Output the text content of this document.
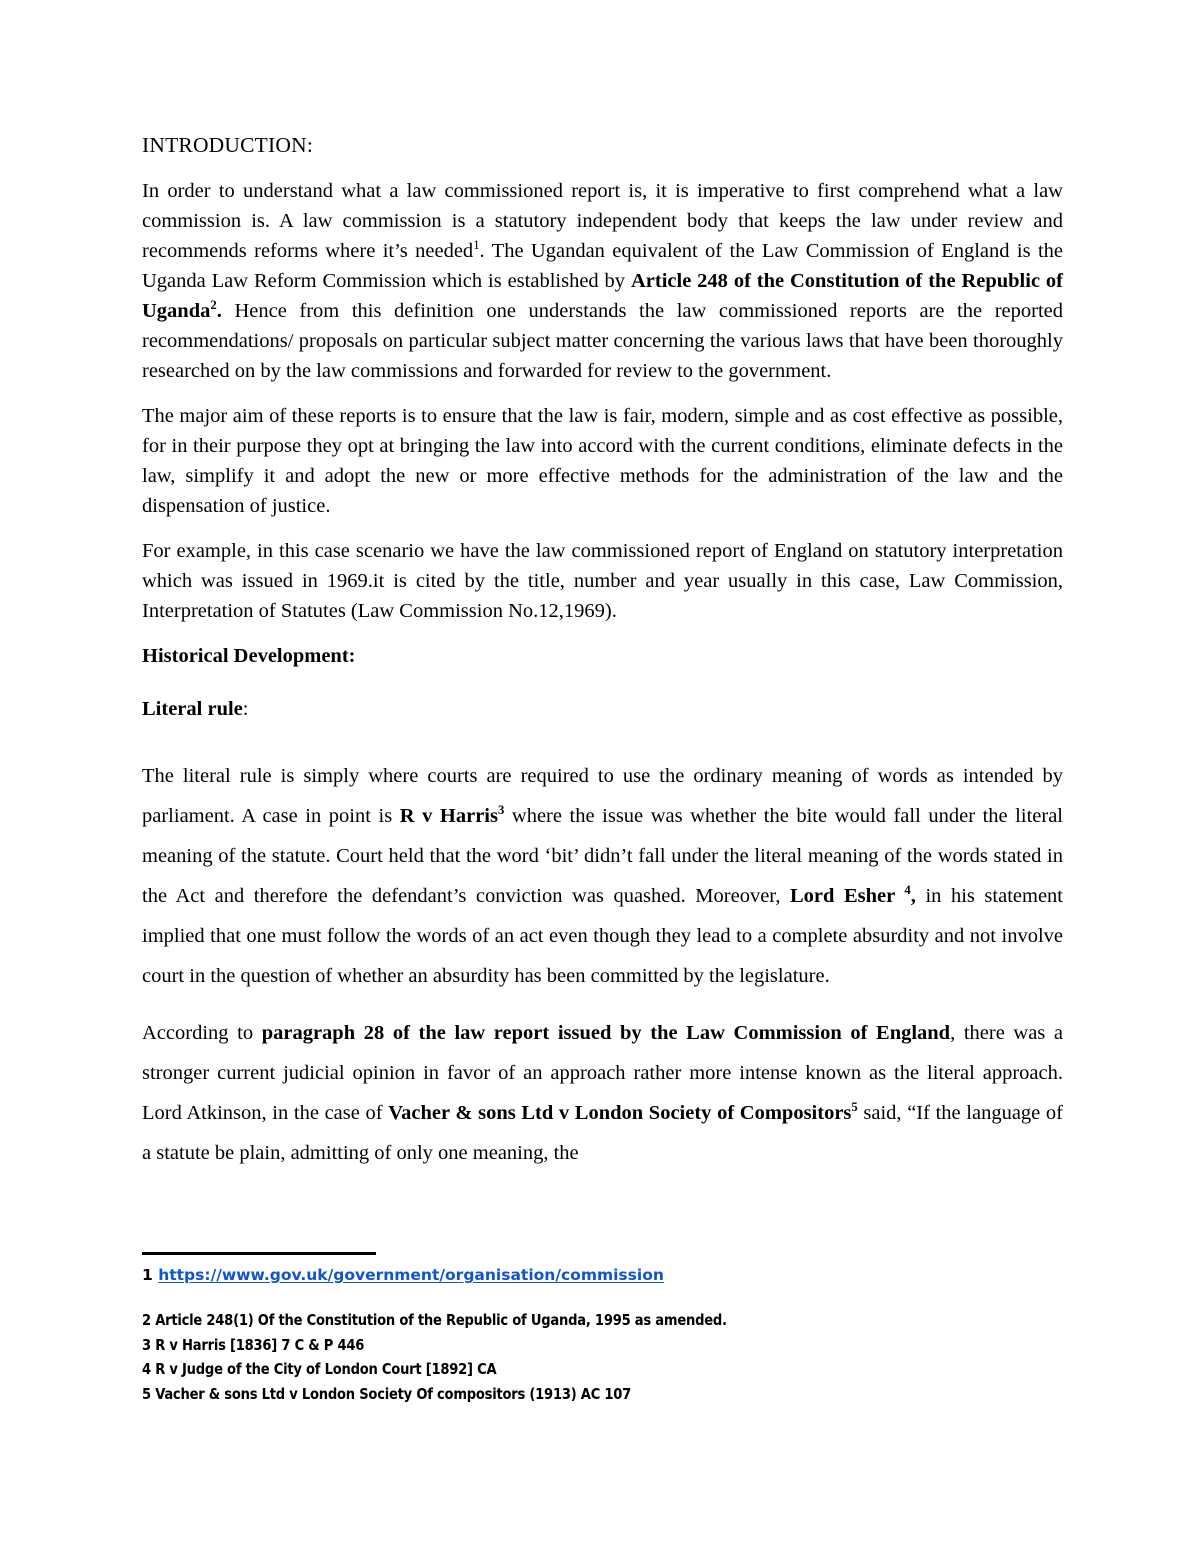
INTRODUCTION:

In order to understand what a law commissioned report is, it is imperative to first comprehend what a law commission is. A law commission is a statutory independent body that keeps the law under review and recommends reforms where it’s needed$^1$. The Ugandan equivalent of the Law Commission of England is the Uganda Law Reform Commission which is established by Article 248 of the Constitution of the Republic of Uganda$^2$. Hence from this definition one understands the law commissioned reports are the reported recommendations/ proposals on particular subject matter concerning the various laws that have been thoroughly researched on by the law commissions and forwarded for review to the government.

The major aim of these reports is to ensure that the law is fair, modern, simple and as cost effective as possible, for in their purpose they opt at bringing the law into accord with the current conditions, eliminate defects in the law, simplify it and adopt the new or more effective methods for the administration of the law and the dispensation of justice.

For example, in this case scenario we have the law commissioned report of England on statutory interpretation which was issued in 1969.it is cited by the title, number and year usually in this case, Law Commission, Interpretation of Statutes (Law Commission No.12,1969).

Historical Development:
Literal rule:

The literal rule is simply where courts are required to use the ordinary meaning of words as intended by parliament. A case in point is R v Harris$^3$ where the issue was whether the bite would fall under the literal meaning of the statute. Court held that the word ‘bit’ didn’t fall under the literal meaning of the words stated in the Act and therefore the defendant’s conviction was quashed. Moreover, Lord Esher $^4$, in his statement implied that one must follow the words of an act even though they lead to a complete absurdity and not involve court in the question of whether an absurdity has been committed by the legislature.

According to paragraph 28 of the law report issued by the Law Commission of England, there was a stronger current judicial opinion in favor of an approach rather more intense known as the literal approach. Lord Atkinson, in the case of Vacher & sons Ltd v London Society of Compositors$^5$ said, “If the language of a statute be plain, admitting of only one meaning, the

1 https://www.gov.uk/government/organisation/commission
2 Article 248(1) Of the Constitution of the Republic of Uganda, 1995 as amended.
3 R v Harris [1836] 7 C & P 446
4 R v Judge of the City of London Court [1892] CA
5 Vacher & sons Ltd v London Society Of compositors (1913) AC 107
